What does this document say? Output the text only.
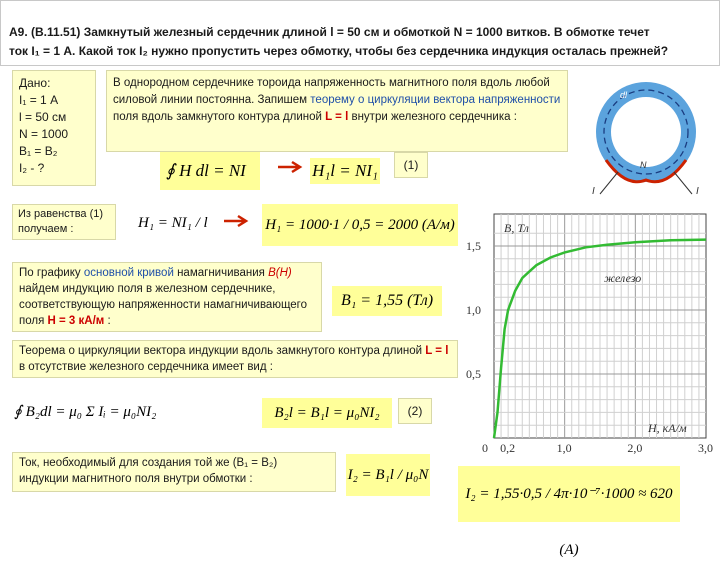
А9. (В.11.51) Замкнутый железный сердечник длиной l = 50 см и обмоткой N = 1000 витков. В обмотке течет
ток I₁ = 1 А. Какой ток I₂ нужно пропустить через обмотку, чтобы без сердечника индукция осталась прежней?
Дано:
I₁ = 1 А
l = 50 см
N = 1000
B₁ = B₂
I₂ - ?
В однородном сердечнике тороида напряженность магнитного поля вдоль любой силовой линии постоянна. Запишем теорему о циркуляции вектора напряженности поля вдоль замкнутого контура длиной L = l внутри железного сердечника :
I	I
N
dl
∮ H dl = NI	H₁l = NI₁	(1)
Из равенства (1) получаем :	H₁ = NI₁ / l	H₁ = 1000·1 / 0,5 = 2000 (А/м)
По графику основной кривой намагничивания B(H) найдем индукцию поля в железном сердечнике, соответствующую напряженности намагничивающего поля H = 3 кА/м :
B₁ = 1,55 (Тл)
Теорема о циркуляции вектора индукции вдоль замкнутого контура длиной L = l в отсутствие железного сердечника имеет вид :
∮ B₂dl = μ₀ Σ Iᵢ = μ₀NI₂	B₂l = B₁l = μ₀NI₂	(2)
Ток, необходимый для создания той же (B₁ = B₂) индукции магнитного поля внутри обмотки :	I₂ = B₁l / μ₀N
I₂ = 1,55·0,5 / 4π·10⁻⁷·1000 ≈ 620 (А)
0,2	1,0	2,0	3,0
0,5
1,0
1,5
0
B, Тл
H, кА/м
железо
